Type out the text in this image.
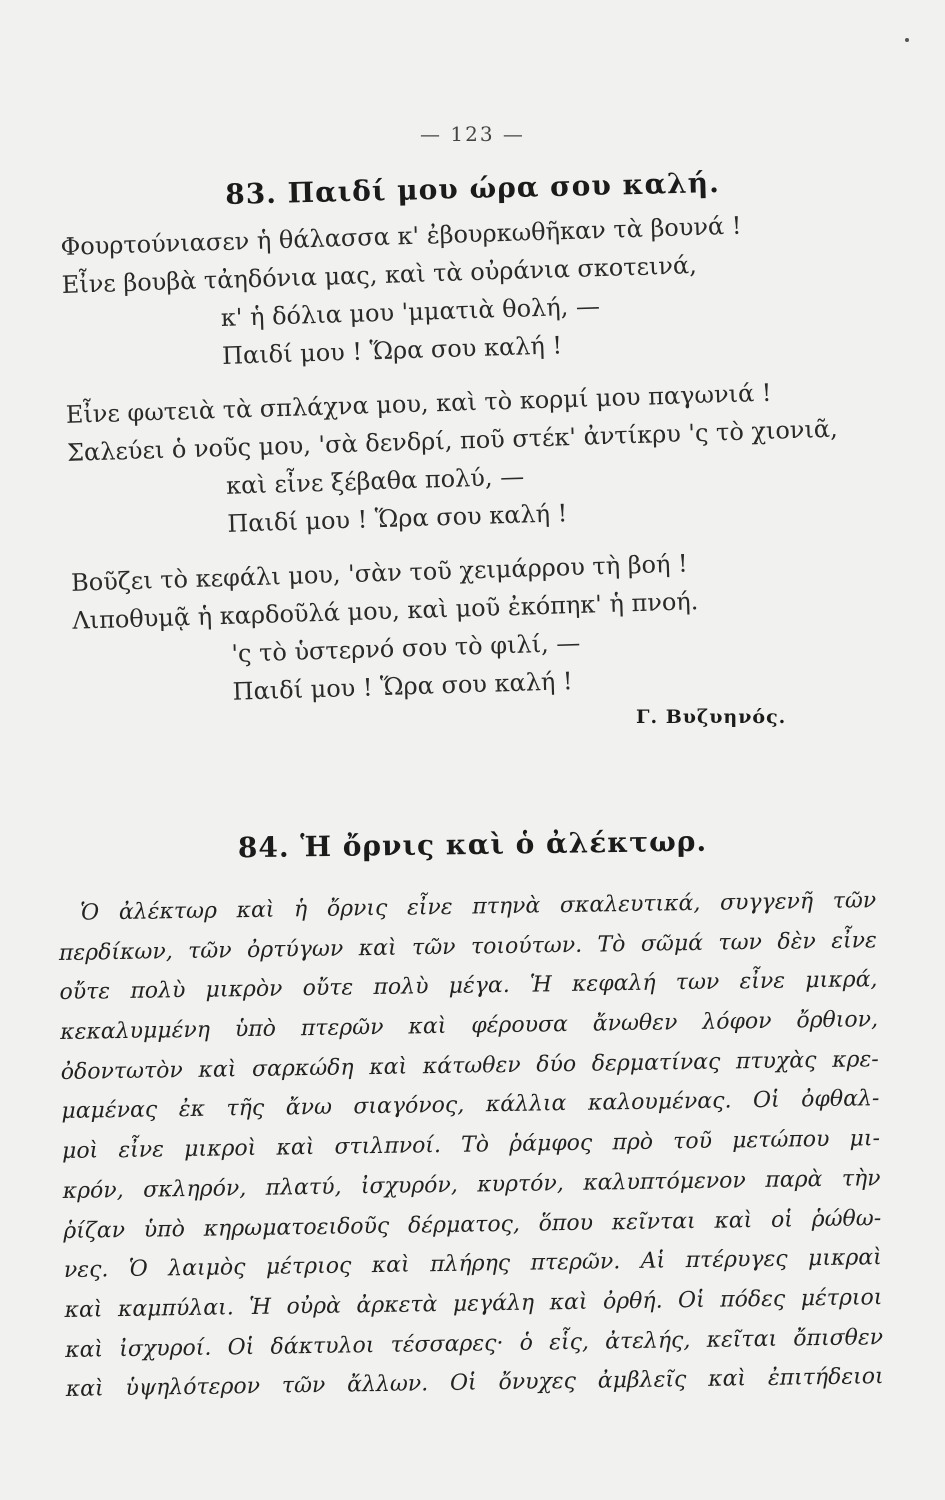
— 123 —
83. Παιδί μου ώρα σου καλή.
Φουρτούνιασεν ἡ θάλασσα κ' ἐβουρκωθῆκαν τὰ βουνά !
Εἶνε βουβὰ τἀηδόνια μας, καὶ τὰ οὐράνια σκοτεινά,
κ' ἡ δόλια μου 'μματιὰ θολή, —
Παιδί μου ! Ὥρα σου καλή !
Εἶνε φωτειὰ τὰ σπλάχνα μου, καὶ τὸ κορμί μου παγωνιά !
Σαλεύει ὁ νοῦς μου, 'σὰ δενδρί, ποῦ στέκ' ἀντίκρυ 'ς τὸ χιονιᾶ,
καὶ εἶνε ξέβαθα πολύ, —
Παιδί μου ! Ὥρα σου καλή !
Βοῦζει τὸ κεφάλι μου, 'σὰν τοῦ χειμάρρου τὴ βοή !
Λιποθυμᾷ ἡ καρδοῦλά μου, καὶ μοῦ ἐκόπηκ' ἡ πνοή.
'ς τὸ ὑστερνό σου τὸ φιλί, —
Παιδί μου ! Ὥρα σου καλή !
Γ. Βυζυηνός.
84. Ἡ ὄρνις καὶ ὁ ἀλέκτωρ.
Ὁ ἀλέκτωρ καὶ ἡ ὄρνις εἶνε πτηνὰ σκαλευτικά, συγγενῆ τῶν
περδίκων, τῶν ὀρτύγων καὶ τῶν τοιούτων. Τὸ σῶμά των δὲν εἶνε
οὔτε πολὺ μικρὸν οὔτε πολὺ μέγα. Ἡ κεφαλή των εἶνε μικρά,
κεκαλυμμένη ὑπὸ πτερῶν καὶ φέρουσα ἄνωθεν λόφον ὄρθιον,
ὀδοντωτὸν καὶ σαρκώδη καὶ κάτωθεν δύο δερματίνας πτυχὰς κρε-
μαμένας ἐκ τῆς ἄνω σιαγόνος, κάλλια καλουμένας. Οἱ ὀφθαλ-
μοὶ εἶνε μικροὶ καὶ στιλπνοί. Τὸ ῥάμφος πρὸ τοῦ μετώπου μι-
κρόν, σκληρόν, πλατύ, ἰσχυρόν, κυρτόν, καλυπτόμενον παρὰ τὴν
ῥίζαν ὑπὸ κηρωματοειδοῦς δέρματος, ὅπου κεῖνται καὶ οἱ ῥώθω-
νες. Ὁ λαιμὸς μέτριος καὶ πλήρης πτερῶν. Αἱ πτέρυγες μικραὶ
καὶ καμπύλαι. Ἡ οὐρὰ ἀρκετὰ μεγάλη καὶ ὀρθή. Οἱ πόδες μέτριοι
καὶ ἰσχυροί. Οἱ δάκτυλοι τέσσαρες· ὁ εἷς, ἀτελής, κεῖται ὄπισθεν
καὶ ὑψηλότερον τῶν ἄλλων. Οἱ ὄνυχες ἀμβλεῖς καὶ ἐπιτήδειοι
